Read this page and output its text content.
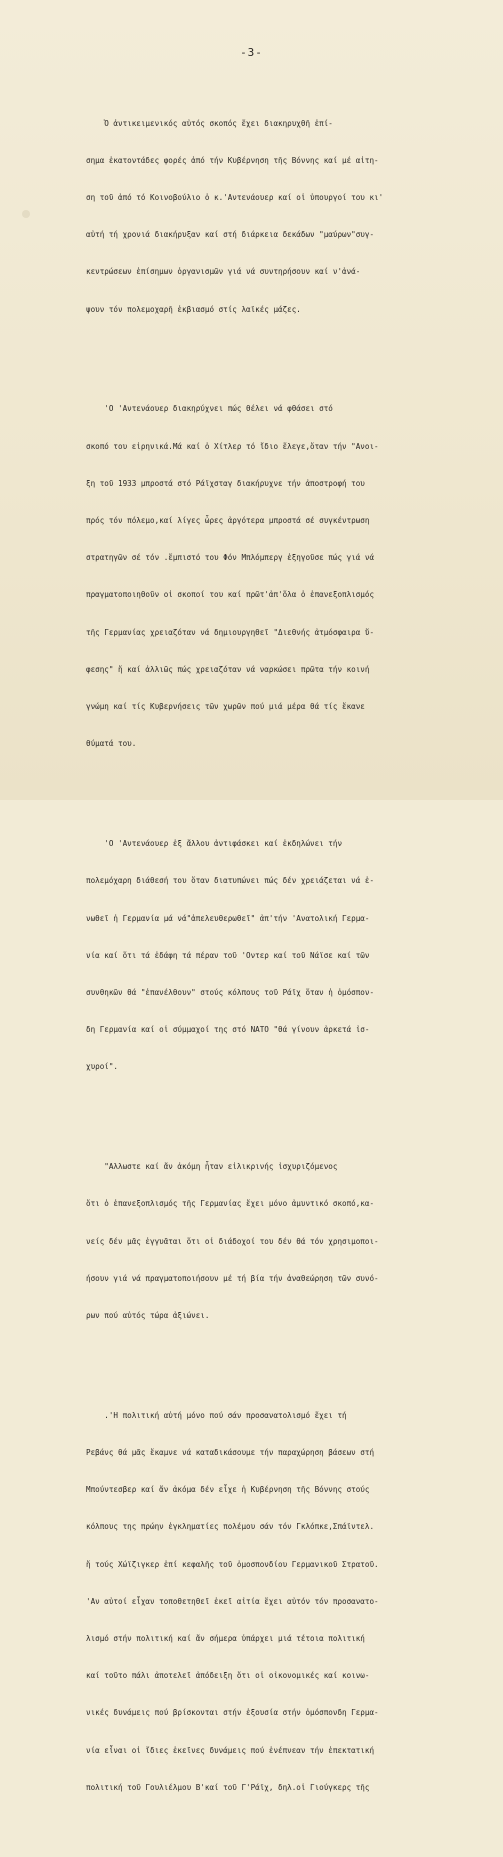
-3-

Ὁ ἀντικειμενικός αὐτός σκοπός ἔχει διακηρυχθῆ ἐπί-

σημα ἑκατοντάδες φορές ἀπό τήν Κυβέρνηση τῆς Βόννης καί μέ αἰτη-

ση τοῦ ἀπό τό Κοινοβούλιο ὁ κ.'Αντενάουερ καί οἱ ὑπουργοί του κι'

αὐτή τή χρονιά διακήρυξαν καί στή διάρκεια δεκάδων "μαύρων"συγ-

κεντρώσεων ἐπίσημων ὀργανισμῶν γιά νά συντηρήσουν καί ν'ἀνά-

ψουν τόν πολεμοχαρῆ ἐκβιασμό στίς λαϊκές μάζες.

'Ο 'Αντενάουερ διακηρύχνει πώς θέλει νά φθάσει στό

σκοπό του εἰρηνικά.Μά καί ὁ Χίτλερ τό ἴδιο ἔλεγε,ὅταν τήν "Ανοι-

ξη τοῦ 1933 μπροστά στό Ράϊχσταγ διακήρυχνε τήν ἀποστροφή του

πρός τόν πόλεμο,καί λίγες ὧρες ἀργότερα μπροστά σέ συγκέντρωση

στρατηγῶν σέ τόν .ἔμπιστό του Φόν Μπλόμπεργ ἐξηγοῦσε πώς γιά νά

πραγματοποιηθοῦν οἱ σκοποί του καί πρῶτ'ἀπ'ὅλα ὁ ἐπανεξοπλισμός

τῆς Γερμανίας χρειαζόταν νά δημιουργηθεῖ "Διεθνής ἀτμόσφαιρα ὕ-

φεσης" ἤ καί ἀλλιῶς πώς χρειαζόταν νά ναρκώσει πρῶτα τήν κοινή

γνώμη καί τίς Κυβερνήσεις τῶν χωρῶν πού μιά μέρα θά τίς ἔκανε

θύματά του.

'Ο 'Αντενάουερ ἐξ ἄλλου ἀντιφάσκει καί ἐκδηλώνει τήν

πολεμόχαρη διάθεσή του ὅταν διατυπώνει πώς δέν χρειάζεται νά ἑ-

νωθεῖ ἡ Γερμανία μά νά"ἀπελευθερωθεῖ" ἀπ'τήν 'Ανατολική Γερμα-

νία καί ὅτι τά ἐδάφη τά πέραν τοῦ 'Οντερ καί τοῦ Νάϊσε καί τῶν

συνθηκῶν θά "ἐπανέλθουν" στούς κόλπους τοῦ Ράϊχ ὅταν ἡ ὁμόσπον-

δη Γερμανία καί οἱ σύμμαχοί της στό ΝΑΤΟ "θά γίνουν ἀρκετά ἰσ-

χυροί".

"Αλλωστε καί ἄν ἀκόμη ἦταν εἰλικρινής ἰσχυριζόμενος

ὅτι ὁ ἐπανεξοπλισμός τῆς Γερμανίας ἔχει μόνο ἀμυντικό σκοπό,κα-

νείς δέν μᾶς ἐγγυᾶται ὅτι οἱ διάδοχοί του δέν θά τόν χρησιμοποι-

ήσουν γιά νά πραγματοποιήσουν μέ τή βία τήν ἀναθεώρηση τῶν συνό-

ρων πού αὐτός τώρα ἀξιώνει.

.'Η πολιτική αὐτή μόνο πού σάν προσανατολισμό ἔχει τή

Ρεβάνς θά μᾶς ἔκαμνε νά καταδικάσουμε τήν παραχώρηση βάσεων στή

Μπούντεσβερ καί ἄν ἀκόμα δέν εἶχε ἡ Κυβέρνηση τῆς Βόννης στούς

κόλπους της πρώην ἐγκληματίες πολέμου σάν τόν Γκλόπκε,Σπάϊντελ.

ἤ τούς Χώϊζιγκερ ἐπί κεφαλῆς τοῦ ὁμοσπονδίου Γερμανικοῦ Στρατοῦ.

'Αν αὐτοί εἶχαν τοποθετηθεῖ ἐκεῖ αἰτία ἔχει αὐτόν τόν προσανατο-

λισμό στήν πολιτική καί ἄν σήμερα ὑπάρχει μιά τέτοια πολιτική

καί τοῦτο πάλι ἀποτελεῖ ἀπόδειξη ὅτι οἱ οἰκονομικές καί κοινω-

νικές δυνάμεις πού βρίσκονται στήν ἐξουσία στήν ὁμόσπονδη Γερμα-

νία εἶναι οἱ ἴδιες ἐκεῖνες δυνάμεις πού ἐνέπνεαν τήν ἐπεκτατική

πολιτική τοῦ Γουλιέλμου Β'καί τοῦ Γ'Ράϊχ, δηλ.οἱ Γιούγκερς τῆς
